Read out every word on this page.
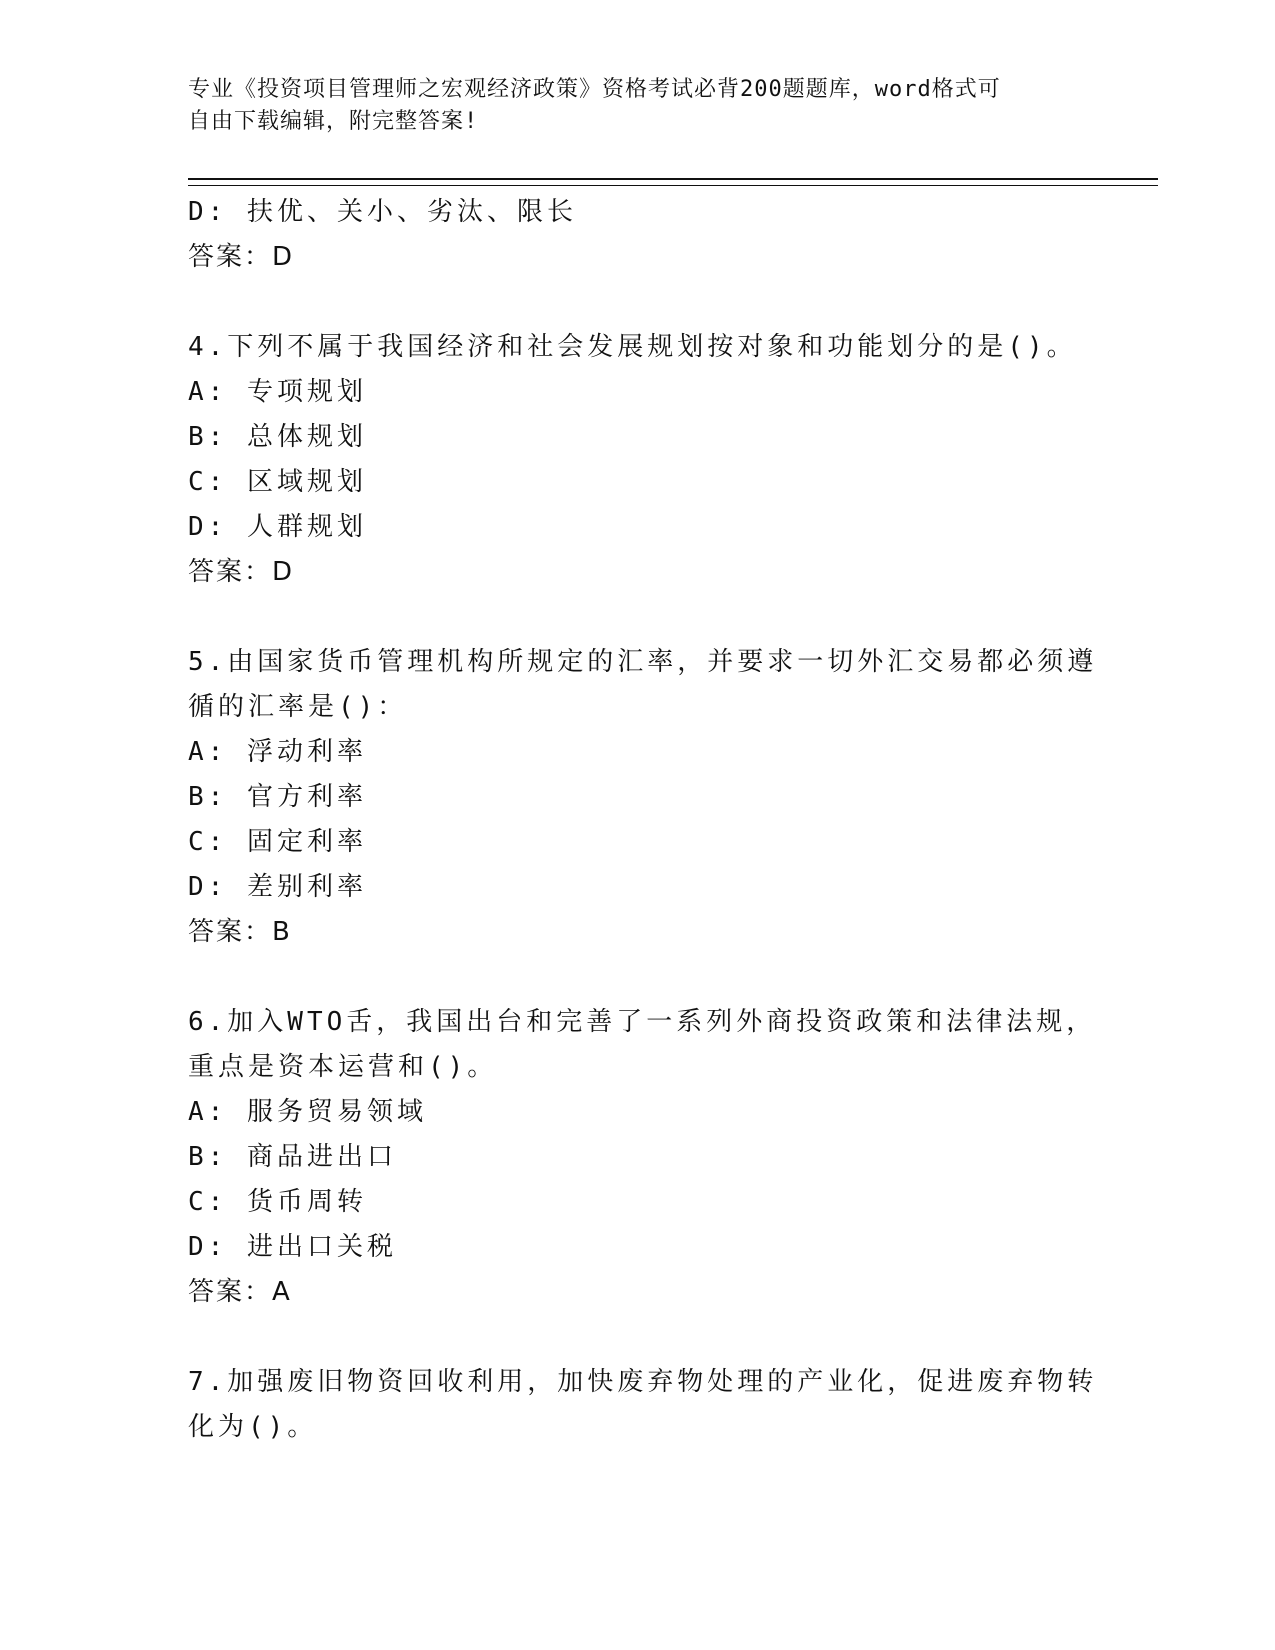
专业《投资项目管理师之宏观经济政策》资格考试必背200题题库，word格式可
自由下载编辑，附完整答案!
D: 扶优、关小、劣汰、限长
答案：D
4.下列不属于我国经济和社会发展规划按对象和功能划分的是()。
A: 专项规划
B: 总体规划
C: 区域规划
D: 人群规划
答案：D
5.由国家货币管理机构所规定的汇率，并要求一切外汇交易都必须遵
循的汇率是()：
A: 浮动利率
B: 官方利率
C: 固定利率
D: 差别利率
答案：B
6.加入WTO舌，我国出台和完善了一系列外商投资政策和法律法规，
重点是资本运营和()。
A: 服务贸易领域
B: 商品进出口
C: 货币周转
D: 进出口关税
答案：A
7.加强废旧物资回收利用，加快废弃物处理的产业化，促进废弃物转
化为()。
